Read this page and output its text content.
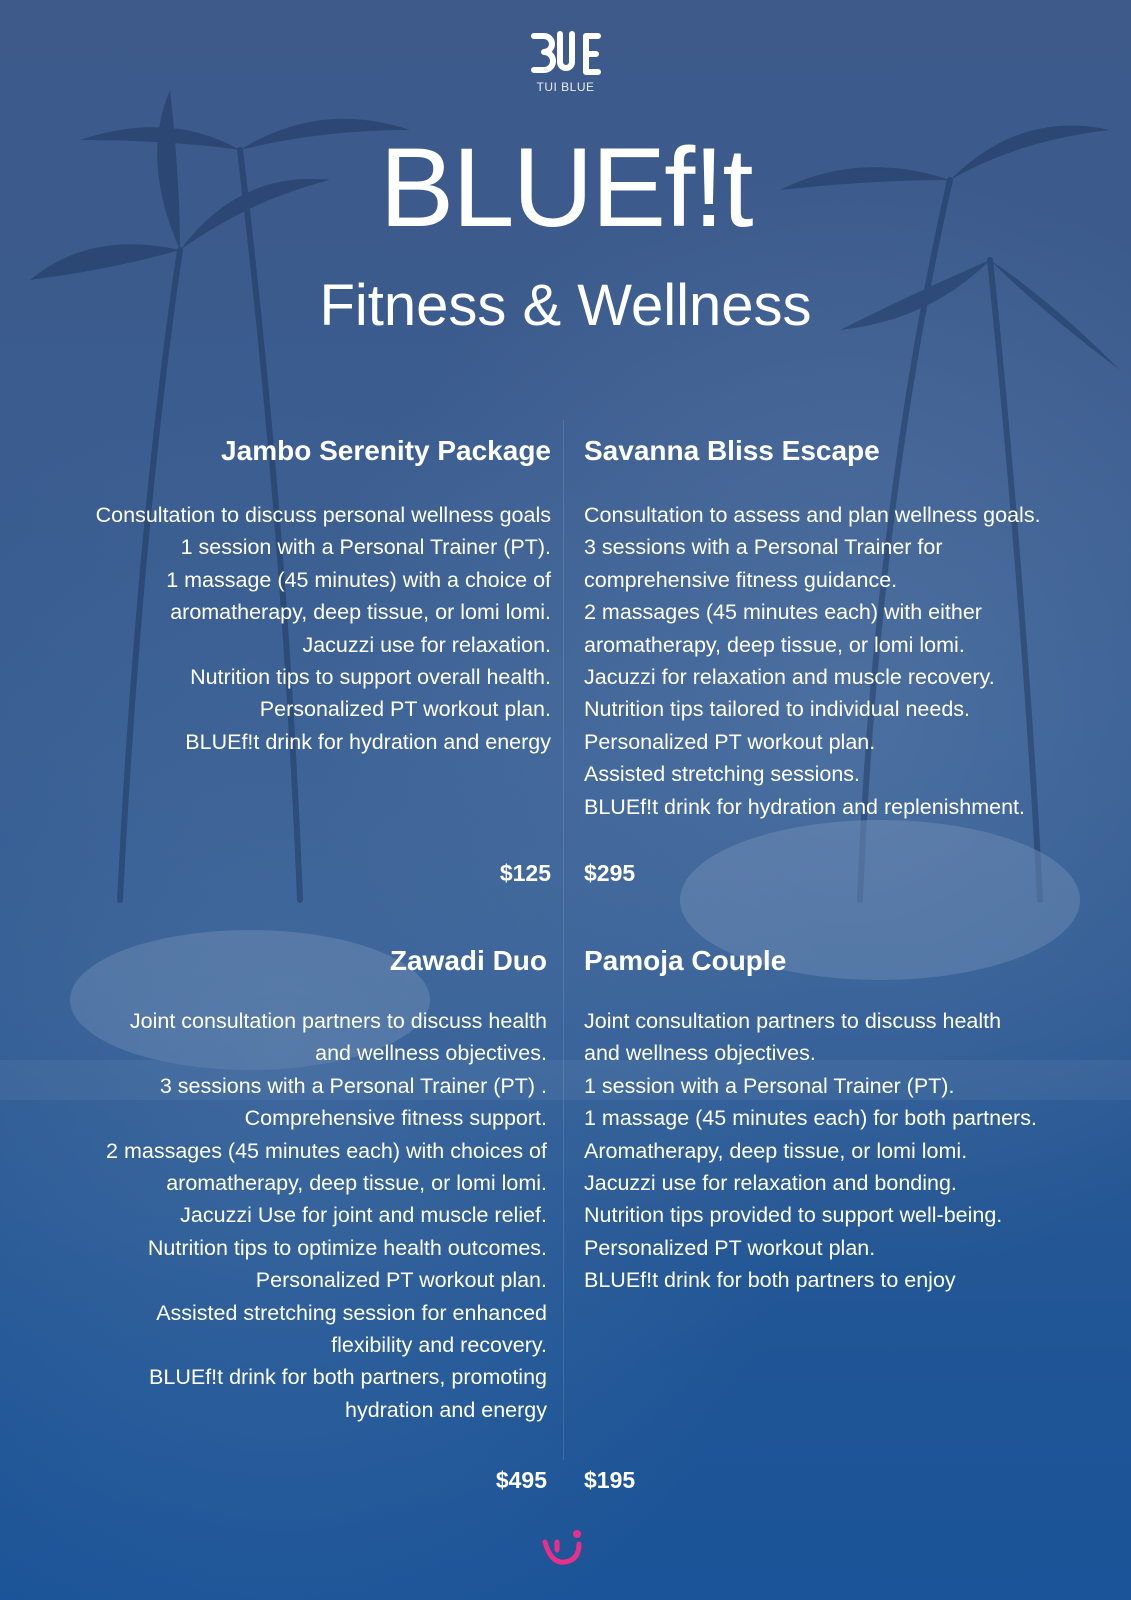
TUI BLUE
BLUEf!t
Fitness & Wellness
Jambo Serenity Package
Consultation to discuss personal wellness goals
1 session with a Personal Trainer (PT).
1 massage (45 minutes) with a choice of
aromatherapy, deep tissue, or lomi lomi.
Jacuzzi use for relaxation.
Nutrition tips to support overall health.
Personalized PT workout plan.
BLUEf!t drink for hydration and energy
$125
Savanna Bliss Escape
Consultation to assess and plan wellness goals.
3 sessions with a Personal Trainer for
comprehensive fitness guidance.
2 massages (45 minutes each) with either
aromatherapy, deep tissue, or lomi lomi.
Jacuzzi for relaxation and muscle recovery.
Nutrition tips tailored to individual needs.
Personalized PT workout plan.
Assisted stretching sessions.
BLUEf!t drink for hydration and replenishment.
$295
Zawadi Duo
Joint consultation partners to discuss health
and wellness objectives.
3 sessions with a Personal Trainer (PT) .
Comprehensive fitness support.
2 massages (45 minutes each) with choices of
aromatherapy, deep tissue, or lomi lomi.
Jacuzzi Use for joint and muscle relief.
Nutrition tips to optimize health outcomes.
Personalized PT workout plan.
Assisted stretching session for enhanced
flexibility and recovery.
BLUEf!t drink for both partners, promoting
hydration and energy
$495
Pamoja Couple
Joint consultation partners to discuss health
and wellness objectives.
1 session with a Personal Trainer (PT).
1 massage (45 minutes each) for both partners.
Aromatherapy, deep tissue, or lomi lomi.
Jacuzzi use for relaxation and bonding.
Nutrition tips provided to support well-being.
Personalized PT workout plan.
BLUEf!t drink for both partners to enjoy
$195
